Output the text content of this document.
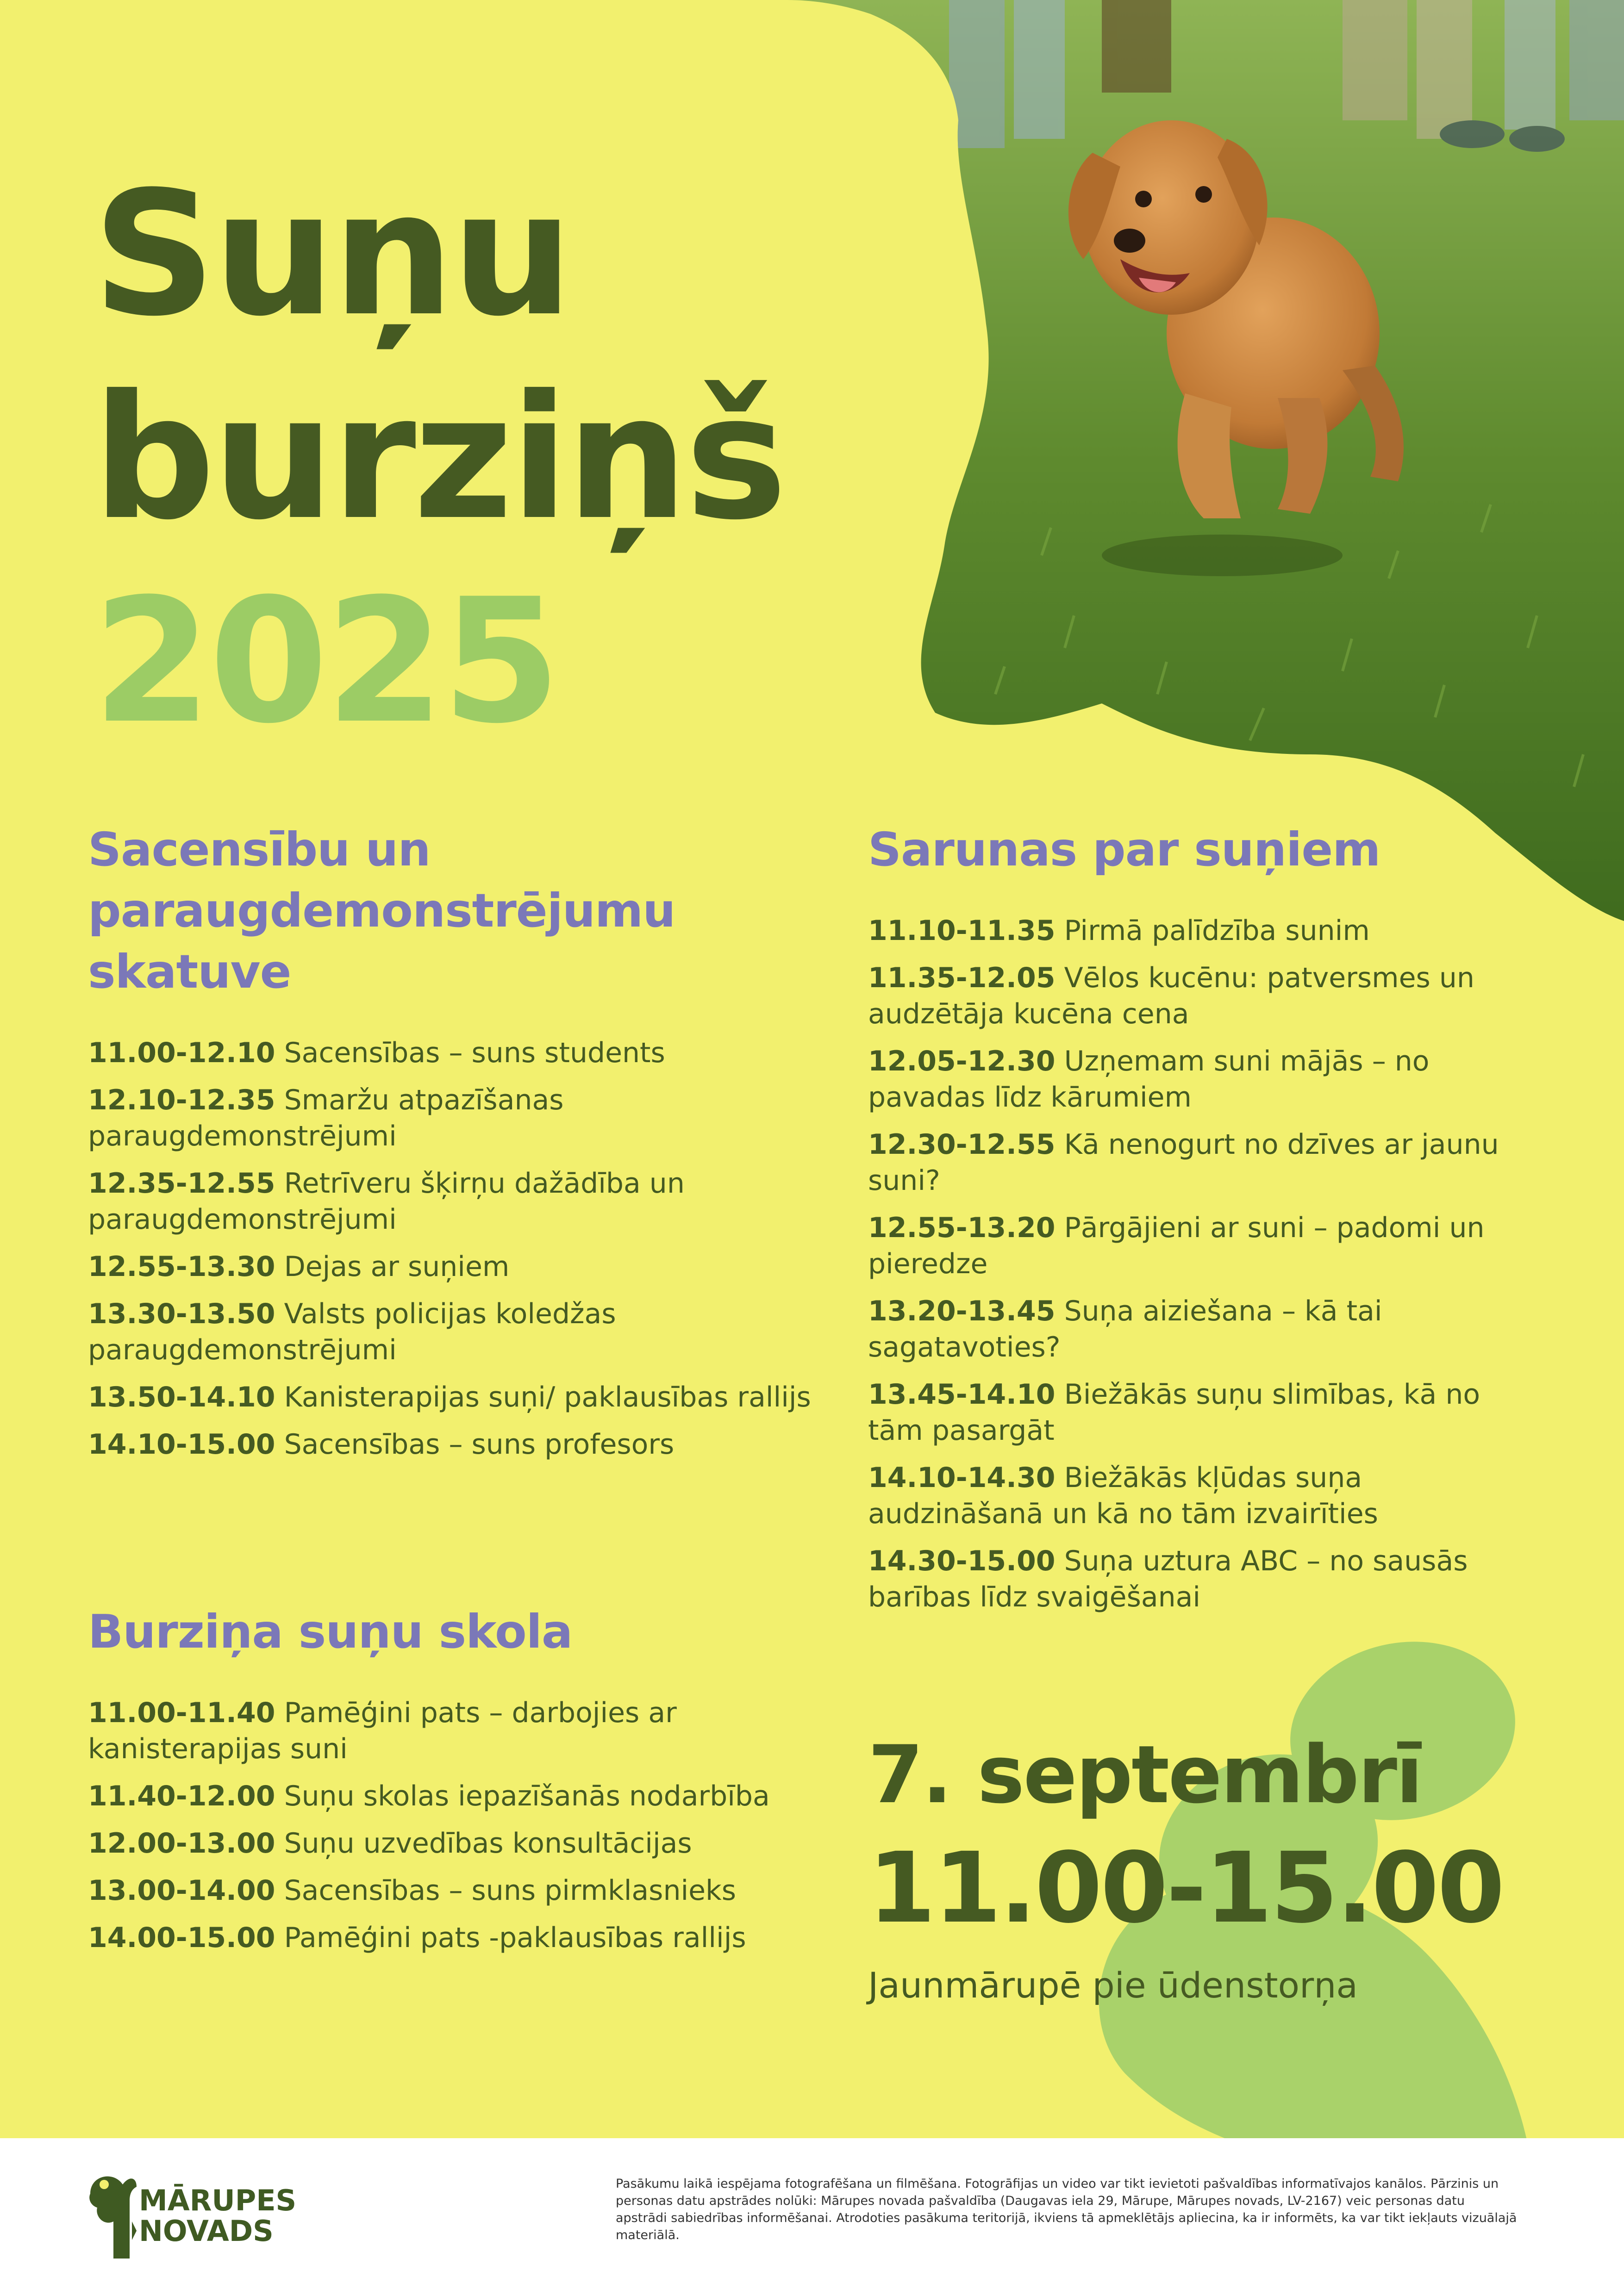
Suņu
burziņš
2025
Sacensību un
paraugdemonstrējumu
skatuve
11.00-12.10 Sacensības – suns students
12.10-12.35 Smaržu atpazīšanas paraugdemonstrējumi
12.35-12.55 Retrīveru šķirņu dažādība un paraugdemonstrējumi
12.55-13.30 Dejas ar suņiem
13.30-13.50 Valsts policijas koledžas paraugdemonstrējumi
13.50-14.10 Kanisterapijas suņi/ paklausības rallijs
14.10-15.00 Sacensības – suns profesors
Burziņa suņu skola
11.00-11.40 Pamēģini pats – darbojies ar kanisterapijas suni
11.40-12.00 Suņu skolas iepazīšanās nodarbība
12.00-13.00 Suņu uzvedības konsultācijas
13.00-14.00 Sacensības – suns pirmklasnieks
14.00-15.00 Pamēģini pats -paklausības rallijs
Sarunas par suņiem
11.10-11.35 Pirmā palīdzība sunim
11.35-12.05 Vēlos kucēnu: patversmes un audzētāja kucēna cena
12.05-12.30 Uzņemam suni mājās – no pavadas līdz kārumiem
12.30-12.55 Kā nenogurt no dzīves ar jaunu suni?
12.55-13.20 Pārgājieni ar suni – padomi un pieredze
13.20-13.45 Suņa aiziešana – kā tai sagatavoties?
13.45-14.10 Biežākās suņu slimības, kā no tām pasargāt
14.10-14.30 Biežākās kļūdas suņa audzināšanā un kā no tām izvairīties
14.30-15.00 Suņa uztura ABC – no sausās barības līdz svaigēšanai
7. septembrī
11.00-15.00
Jaunmārupē pie ūdenstorņa
MĀRUPES
NOVADS
Pasākumu laikā iespējama fotografēšana un filmēšana. Fotogrāfijas un video var tikt ievietoti pašvaldības informatīvajos kanālos. Pārzinis un personas datu apstrādes nolūki: Mārupes novada pašvaldība (Daugavas iela 29, Mārupe, Mārupes novads, LV-2167) veic personas datu apstrādi sabiedrības informēšanai. Atrodoties pasākuma teritorijā, ikviens tā apmeklētājs apliecina, ka ir informēts, ka var tikt iekļauts vizuālajā materiālā.
